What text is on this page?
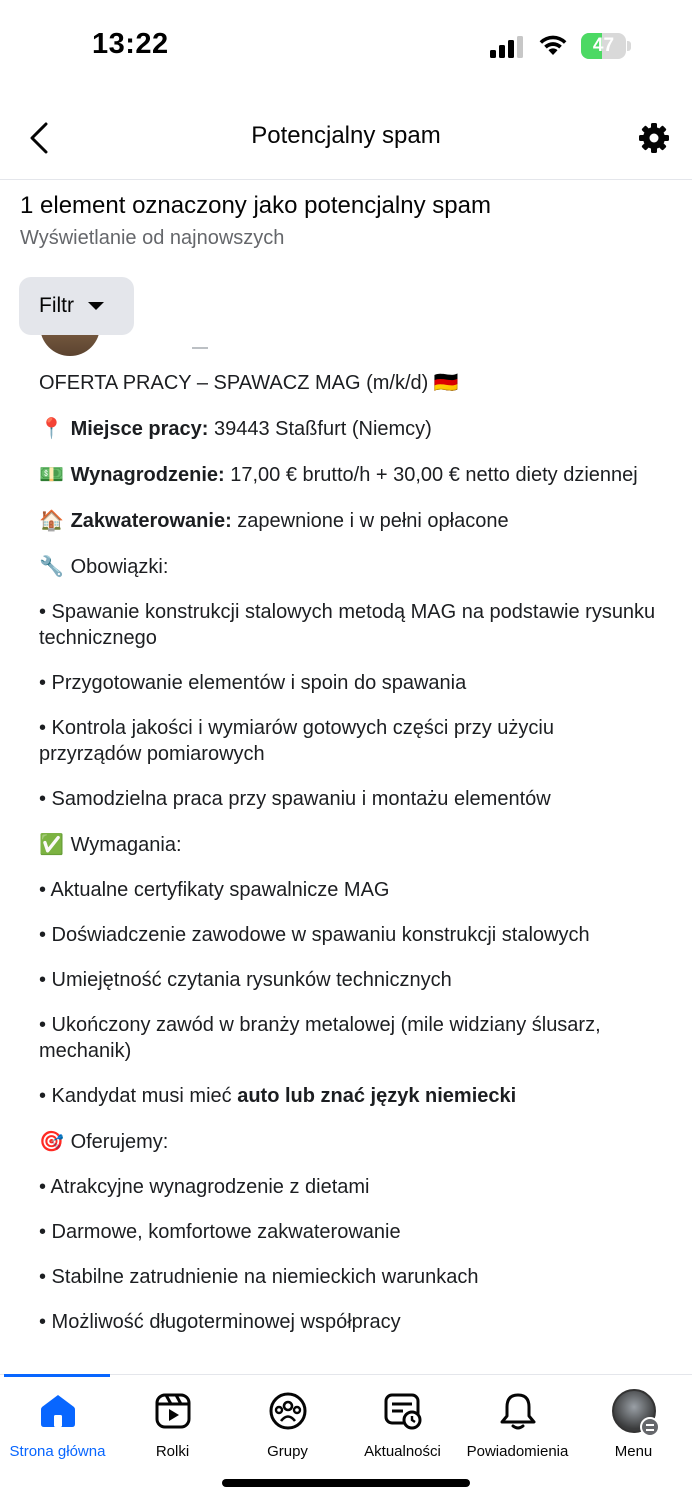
13:22	47
Potencjalny spam
1 element oznaczony jako potencjalny spam
Wyświetlanie od najnowszych
Filtr
OFERTA PRACY – SPAWACZ MAG (m/k/d) 🇩🇪
📍 Miejsce pracy: 39443 Staßfurt (Niemcy)
💵 Wynagrodzenie: 17,00 € brutto/h + 30,00 € netto diety dziennej
🏠 Zakwaterowanie: zapewnione i w pełni opłacone
🔧 Obowiązki:
• Spawanie konstrukcji stalowych metodą MAG na podstawie rysunku technicznego
• Przygotowanie elementów i spoin do spawania
• Kontrola jakości i wymiarów gotowych części przy użyciu przyrządów pomiarowych
• Samodzielna praca przy spawaniu i montażu elementów
✅ Wymagania:
• Aktualne certyfikaty spawalnicze MAG
• Doświadczenie zawodowe w spawaniu konstrukcji stalowych
• Umiejętność czytania rysunków technicznych
• Ukończony zawód w branży metalowej (mile widziany ślusarz, mechanik)
• Kandydat musi mieć auto lub znać język niemiecki
🎯 Oferujemy:
• Atrakcyjne wynagrodzenie z dietami
• Darmowe, komfortowe zakwaterowanie
• Stabilne zatrudnienie na niemieckich warunkach
• Możliwość długoterminowej współpracy
Strona główna	Rolki	Grupy	Aktualności	Powiadomienia	Menu
